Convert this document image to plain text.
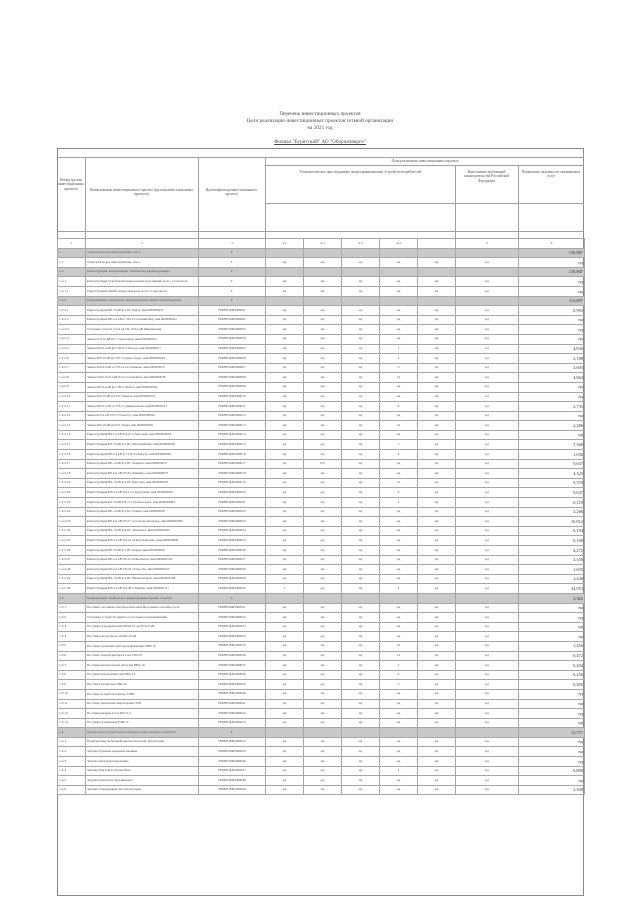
Перечень инвестиционных проектов
Цели реализации инвестиционных проектов сетевой организации
на 2021 год
Филиал "Бурятский" АО "Оборонэнерго"
Номер группы инвестиционных проектов	Наименование инвестиционного проекта (группы инвестиционных проектов)
Идентификатор инвестиционного проекта
Цели реализации инвестиционного проекта
Технологическое присоединение энергопринимающих устройств потребителей	Выполнение требований законодательства Российской Федерации
Повышение надежности оказываемых услуг
1	2	3	4.1	4.2	4.3	4.4		5	6
1	Технологическое присоединение, всего	Г							130,887
1.1	Технологическое присоединение, всего	Г	нд	нд	нд	нд	нд	нд	нд
1.2	Реконструкция, модернизация, техническое перевооружение	Г							130,887
1.2.1	Реконструкция трансформаторных и иных подстанций, всего, в том числе:	Г	нд	нд	нд	нд	нд	нд	нд
1.2.1.1	Реконструкция линий электропередачи, всего, в том числе:	Г	нд	нд	нд	нд	нд	нд	нд
1.2.2	Модернизация, техническое перевооружение линий электропередачи	Г							114,807
1.2.2.1	Реконструкция ВЛ-10 кВ ф.1 ПС Кяхта, инв.0000000033	Н/БЕР/ФИ/000001	нд	нд	нд	нд	нд	нд	0,993
1.2.2.2	Реконструкция ВЛ-0,4 кВ от ТП-2 Сосновый Бор, инв.0000000041	Н/БЕР/ФИ/000002	нд	нд	нд	нд	нд	нд	нд
1.2.2.3	Установка средств учета на ТП-10/0,4 кВ Дивизионная	Н/БЕР/ФИ/000003	нд	нд	нд	нд	нд	нд	нд
1.2.2.4	Замена КЛ-10 кВ ПС Стеклозавод, инв.0000000012	Н/БЕР/ФИ/000004	нд	нд	нд	нд	нд	нд	нд
1.2.2.5	Замена ВЛ-0,4 кВ ф.3 ТП-6 п.Загорск, инв.0000000017	Н/БЕР/ФИ/000005	нд	нд	нд	1	нд	нд	4,836
1.2.2.6	Замена ВЛ-10 кВ ф.7 ПС Гусиное Озеро, инв.0000000024	Н/БЕР/ФИ/000006	нд	нд	нд	2	нд	нд	2,188
1.2.2.7	Замена ВЛ-0,4 кВ от ТП-14 п.Сотниково, инв.0000000031	Н/БЕР/ФИ/000007	нд	нд	нд	3	нд	нд	2,603
1.2.2.8	Замена КТП-10/0,4 кВ №3 п.Селенгинск, инв.0000000038	Н/БЕР/ФИ/000008	нд	нд	нд	12	нд	нд	4,864
1.2.2.9	Замена ВЛ-0,4 кВ ф.2 ТП-9 г.Кяхта, инв.0000000042	Н/БЕР/ФИ/000009	нд	нд	нд	нд	нд	нд	нд
1.2.2.10	Замена ВЛ-10 кВ ф.4 ПС Онохой, инв.0000000047	Н/БЕР/ФИ/000010	нд	нд	нд	нд	нд	нд	нд
1.2.2.11	Замена ВЛ-0,4 кВ от ТП-1 п.Дивизионная, инв.0000000051	Н/БЕР/ФИ/000011	нд	нд	нд	6	нд	нд	2,735
1.2.2.12	Замена КЛ-6 кВ ТП-5 г.Улан-Удэ, инв.0000000056	Н/БЕР/ФИ/000012	нд	нд	нд	нд	нд	нд	нд
1.2.2.13	Замена ВЛ-10 кВ ф.9 ПС Тунка, инв.0000000059	Н/БЕР/ФИ/000013	нд	нд	нд	14	нд	нд	2,286
1.2.2.14	Реконструкция ВЛ-0,4 кВ ТП-22 п.Заиграево, инв.0000000063	Н/БЕР/ФИ/000014	нд	нд	нд	нд	нд	нд	нд
1.2.2.15	Реконструкция ВЛ-10 кВ ф.5 ПС Мухоршибирь, инв.0000000066	Н/БЕР/ФИ/000015	нд	нд	нд	7	нд	нд	7,568
1.2.2.16	Реконструкция ВЛ-0,4 кВ ф.1 ТП-3 п.Бичура, инв.0000000069	Н/БЕР/ФИ/000016	нд	нд	нд	4	нд	нд	1,036
1.2.2.17	Реконструкция ВЛ-10 кВ ф.2 ПС Хоринск, инв.0000000072	Н/БЕР/ФИ/000017	нд	0,3	нд	нд	нд	нд	9,637
1.2.2.18	Реконструкция ВЛ-0,4 кВ ТП-8 п.Кижинга, инв.0000000075	Н/БЕР/ФИ/000018	нд	нд	нд	нд	нд	нд	4,325
1.2.2.19	Реконструкция ВЛ-10 кВ ф.6 ПС Баргузин, инв.0000000078	Н/БЕР/ФИ/000019	нд	нд	нд	12	нд	нд	9,570
1.2.2.20	Реконструкция ВЛ-0,4 кВ ТП-11 п.Турунтаево, инв.0000000081	Н/БЕР/ФИ/000020	нд	нд	нд	9	нд	нд	9,637
1.2.2.21	Реконструкция КЛ-10 кВ ТП-15 г.Гусиноозерск, инв.0000000084	Н/БЕР/ФИ/000021	нд	нд	нд	2	нд	нд	0,110
1.2.2.22	Реконструкция ВЛ-10 кВ ф.3 ПС Еравна, инв.0000000087	Н/БЕР/ФИ/000022	нд	нд	нд	нд	нд	нд	2,286
1.2.2.23	Реконструкция ВЛ-0,4 кВ ТП-17 п.Сосново-Озерское, инв.0000000090	Н/БЕР/ФИ/000023	нд	нд	нд	нд	нд	нд	10,912
1.2.2.24	Реконструкция ВЛ-10 кВ ф.8 ПС Закаменск, инв.0000000093	Н/БЕР/ФИ/000024	нд	нд	нд	нд	нд	нд	0,194
1.2.2.25	Реконструкция ВЛ-0,4 кВ ТП-19 п.Петропавловка, инв.0000000096	Н/БЕР/ФИ/000025	нд	нд	нд	нд	нд	нд	0,108
1.2.2.26	Реконструкция ВЛ-10 кВ ф.1 ПС Кырен, инв.0000000099	Н/БЕР/ФИ/000026	нд	нд	нд	нд	нд	нд	4,272
1.2.2.27	Реконструкция ВЛ-0,4 кВ ТП-21 п.Иволгинск, инв.0000000102	Н/БЕР/ФИ/000027	нд	нд	нд	нд	нд	нд	2,550
1.2.2.28	Реконструкция КЛ-0,4 кВ ТП-25 г.Улан-Удэ, инв.0000000105	Н/БЕР/ФИ/000028	нд	нд	нд	нд	нд	нд	1,035
1.2.2.29	Реконструкция ВЛ-10 кВ ф.4 ПС Нижнеангарск, инв.0000000108	Н/БЕР/ФИ/000029	нд	нд	нд	нд	нд	нд	1,440
1.2.2.30	Реконструкция ВЛ-0,4 кВ ТП-28 п.Таксимо, инв.0000000111	Н/БЕР/ФИ/000030	1	нд	нд	2	нд	нд	34,953
1.3	Модернизация, техническое перевооружение прочих объектов	Г							3,363
1.3.1	Поставка счетчиков электрической энергии в рамках системы учета	Н/БЕР/ФИ/000031	нд	нд	нд	нд	нд	нд	нд
1.3.2	Установка устройств защиты от грозовых перенапряжений	Н/БЕР/ФИ/000032	нд	нд	нд	нд	нд	нд	нд
1.3.3	Поставка разъединителей РЛНД-10 для ВЛ-10 кВ	Н/БЕР/ФИ/000033	нд	нд	нд	нд	нд	нд	нд
1.3.4	Поставка реклоузеров для ВЛ-10 кВ	Н/БЕР/ФИ/000034	нд	нд	нд	нд	нд	нд	нд
1.3.5	Поставка ограничителей перенапряжения ОПН-10	Н/БЕР/ФИ/000035	нд	нд	нд	12	нд	нд	1,456
1.3.6	Поставка трансформаторов тока ТОЛ-10	Н/БЕР/ФИ/000036	нд	нд	нд	12	нд	нд	0,472
1.3.7	Поставка выключателей нагрузки ВНА-10	Н/БЕР/ФИ/000037	нд	нд	нд	2	нд	нд	0,204
1.3.8	Поставка предохранителей ПКТ-10	Н/БЕР/ФИ/000038	нд	нд	нд	6	нд	нд	0,256
1.3.9	Поставка изоляторов ШФ-20	Н/БЕР/ФИ/000039	нд	нд	нд	3	нд	нд	0,495
1.3.10	Поставка устройств защиты УЗИП	Н/БЕР/ФИ/000040	нд	нд	нд	нд	нд	нд	нд
1.3.11	Поставка указателей повреждения ЛЭП	Н/БЕР/ФИ/000041	нд	нд	нд	нд	нд	нд	нд
1.3.12	Поставка шкафов учета ШУ-0,4	Н/БЕР/ФИ/000042	нд	нд	нд	нд	нд	нд	нд
1.3.13	Поставка разрядников РДИ-10	Н/БЕР/ФИ/000043	нд	нд	нд	нд	нд	нд	нд
1.4	Прочее новое строительство объектов электросетевого хозяйства	Г							12,717
1.4.1	Приобретение мобильной диагностической лаборатории	Н/БЕР/ФИ/000044	нд	нд	нд	нд	нд	нд	нд
1.4.2	Закупка бурильно-крановой машины	Н/БЕР/ФИ/000045	нд	нд	нд	нд	нд	нд	нд
1.4.3	Закупка автогидроподъемника	Н/БЕР/ФИ/000046	нд	нд	нд	нд	нд	нд	нд
1.4.4	Закупка бригадного автомобиля	Н/БЕР/ФИ/000047	нд	нд	нд	1	нд	нд	0,800
1.4.5	Закупка генератора передвижного	Н/БЕР/ФИ/000048	нд	нд	нд	нд	нд	нд	нд
1.4.6	Закупка оборудования для лаборатории	Н/БЕР/ФИ/000049	нд	нд	нд	нд	нд	нд	3,308
